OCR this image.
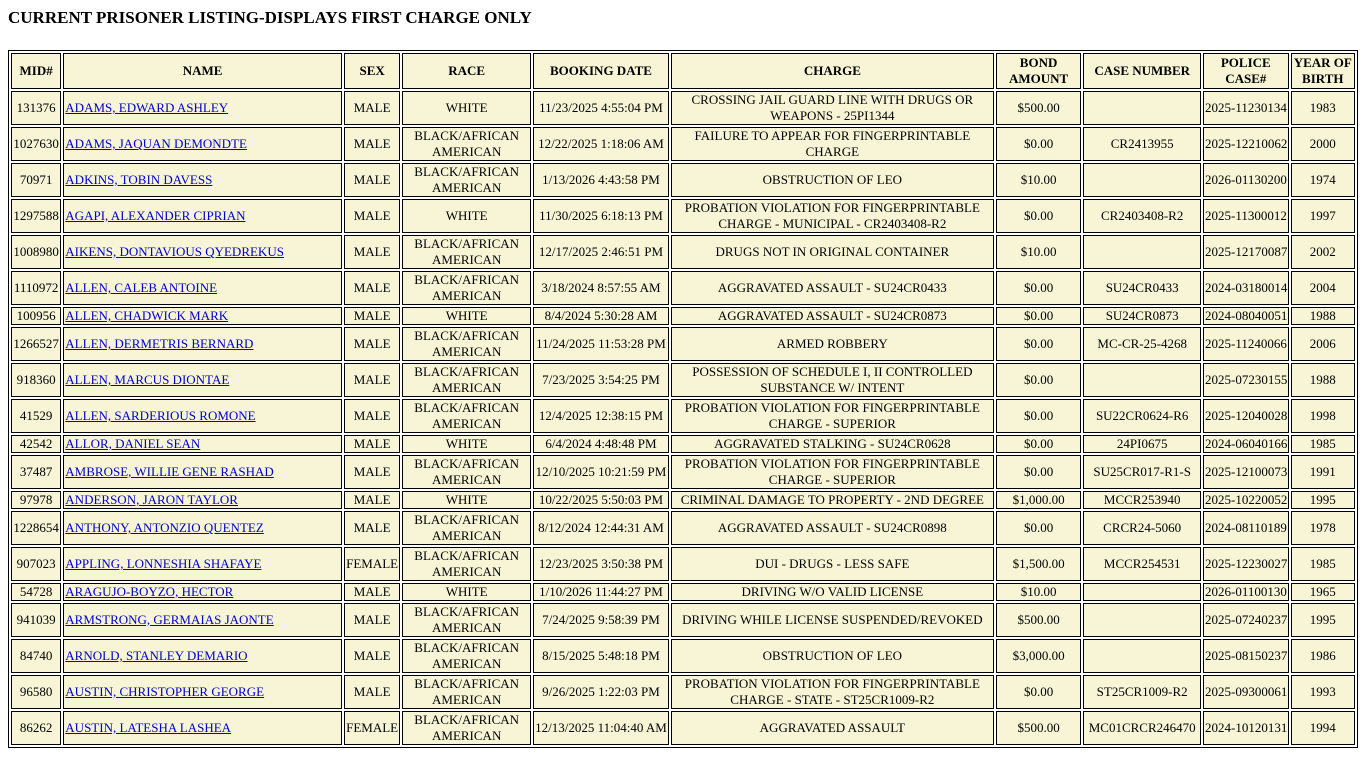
CURRENT PRISONER LISTING-DISPLAYS FIRST CHARGE ONLY
MID#	NAME	SEX	RACE	BOOKING DATE	CHARGE	BOND AMOUNT	CASE NUMBER	POLICE CASE#	YEAR OF BIRTH
131376	ADAMS, EDWARD ASHLEY	MALE	WHITE	11/23/2025 4:55:04 PM	CROSSING JAIL GUARD LINE WITH DRUGS OR WEAPONS - 25PI1344	$500.00		2025-11230134	1983
1027630	ADAMS, JAQUAN DEMONDTE	MALE	BLACK/AFRICAN AMERICAN	12/22/2025 1:18:06 AM	FAILURE TO APPEAR FOR FINGERPRINTABLE CHARGE	$0.00	CR2413955	2025-12210062	2000
70971	ADKINS, TOBIN DAVESS	MALE	BLACK/AFRICAN AMERICAN	1/13/2026 4:43:58 PM	OBSTRUCTION OF LEO	$10.00		2026-01130200	1974
1297588	AGAPI, ALEXANDER CIPRIAN	MALE	WHITE	11/30/2025 6:18:13 PM	PROBATION VIOLATION FOR FINGERPRINTABLE CHARGE - MUNICIPAL - CR2403408-R2	$0.00	CR2403408-R2	2025-11300012	1997
1008980	AIKENS, DONTAVIOUS QYEDREKUS	MALE	BLACK/AFRICAN AMERICAN	12/17/2025 2:46:51 PM	DRUGS NOT IN ORIGINAL CONTAINER	$10.00		2025-12170087	2002
1110972	ALLEN, CALEB ANTOINE	MALE	BLACK/AFRICAN AMERICAN	3/18/2024 8:57:55 AM	AGGRAVATED ASSAULT - SU24CR0433	$0.00	SU24CR0433	2024-03180014	2004
100956	ALLEN, CHADWICK MARK	MALE	WHITE	8/4/2024 5:30:28 AM	AGGRAVATED ASSAULT - SU24CR0873	$0.00	SU24CR0873	2024-08040051	1988
1266527	ALLEN, DERMETRIS BERNARD	MALE	BLACK/AFRICAN AMERICAN	11/24/2025 11:53:28 PM	ARMED ROBBERY	$0.00	MC-CR-25-4268	2025-11240066	2006
918360	ALLEN, MARCUS DIONTAE	MALE	BLACK/AFRICAN AMERICAN	7/23/2025 3:54:25 PM	POSSESSION OF SCHEDULE I, II CONTROLLED SUBSTANCE W/ INTENT	$0.00		2025-07230155	1988
41529	ALLEN, SARDERIOUS ROMONE	MALE	BLACK/AFRICAN AMERICAN	12/4/2025 12:38:15 PM	PROBATION VIOLATION FOR FINGERPRINTABLE CHARGE - SUPERIOR	$0.00	SU22CR0624-R6	2025-12040028	1998
42542	ALLOR, DANIEL SEAN	MALE	WHITE	6/4/2024 4:48:48 PM	AGGRAVATED STALKING - SU24CR0628	$0.00	24PI0675	2024-06040166	1985
37487	AMBROSE, WILLIE GENE RASHAD	MALE	BLACK/AFRICAN AMERICAN	12/10/2025 10:21:59 PM	PROBATION VIOLATION FOR FINGERPRINTABLE CHARGE - SUPERIOR	$0.00	SU25CR017-R1-S	2025-12100073	1991
97978	ANDERSON, JARON TAYLOR	MALE	WHITE	10/22/2025 5:50:03 PM	CRIMINAL DAMAGE TO PROPERTY - 2ND DEGREE	$1,000.00	MCCR253940	2025-10220052	1995
1228654	ANTHONY, ANTONZIO QUENTEZ	MALE	BLACK/AFRICAN AMERICAN	8/12/2024 12:44:31 AM	AGGRAVATED ASSAULT - SU24CR0898	$0.00	CRCR24-5060	2024-08110189	1978
907023	APPLING, LONNESHIA SHAFAYE	FEMALE	BLACK/AFRICAN AMERICAN	12/23/2025 3:50:38 PM	DUI - DRUGS - LESS SAFE	$1,500.00	MCCR254531	2025-12230027	1985
54728	ARAGUJO-BOYZO, HECTOR	MALE	WHITE	1/10/2026 11:44:27 PM	DRIVING W/O VALID LICENSE	$10.00		2026-01100130	1965
941039	ARMSTRONG, GERMAIAS JAONTE	MALE	BLACK/AFRICAN AMERICAN	7/24/2025 9:58:39 PM	DRIVING WHILE LICENSE SUSPENDED/REVOKED	$500.00		2025-07240237	1995
84740	ARNOLD, STANLEY DEMARIO	MALE	BLACK/AFRICAN AMERICAN	8/15/2025 5:48:18 PM	OBSTRUCTION OF LEO	$3,000.00		2025-08150237	1986
96580	AUSTIN, CHRISTOPHER GEORGE	MALE	BLACK/AFRICAN AMERICAN	9/26/2025 1:22:03 PM	PROBATION VIOLATION FOR FINGERPRINTABLE CHARGE - STATE - ST25CR1009-R2	$0.00	ST25CR1009-R2	2025-09300061	1993
86262	AUSTIN, LATESHA LASHEA	FEMALE	BLACK/AFRICAN AMERICAN	12/13/2025 11:04:40 AM	AGGRAVATED ASSAULT	$500.00	MC01CRCR246470	2024-10120131	1994
